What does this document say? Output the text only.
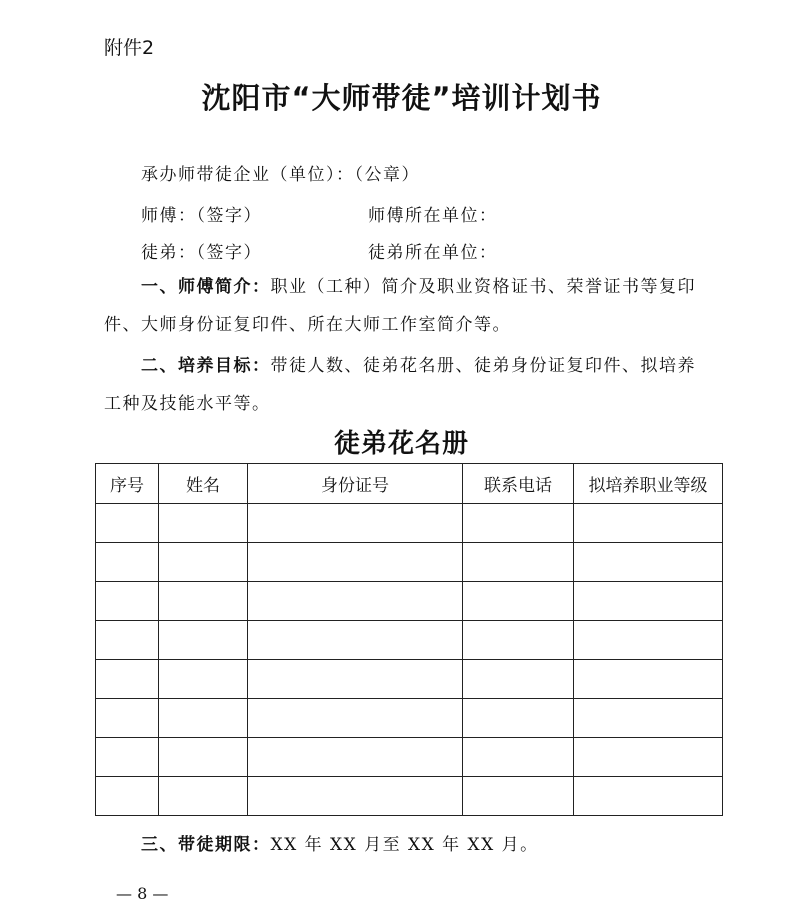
附件2
沈阳市“大师带徒”培训计划书
承办师带徒企业（单位）：（公章）
师傅：（签字）	师傅所在单位：
徒弟：（签字）	徒弟所在单位：
一、师傅简介：职业（工种）简介及职业资格证书、荣誉证书等复印件、大师身份证复印件、所在大师工作室简介等。
二、培养目标：带徒人数、徒弟花名册、徒弟身份证复印件、拟培养工种及技能水平等。
徒弟花名册
序号	姓名	身份证号	联系电话	拟培养职业等级

三、带徒期限：XX 年 XX 月至 XX 年 XX 月。
— 8 —
